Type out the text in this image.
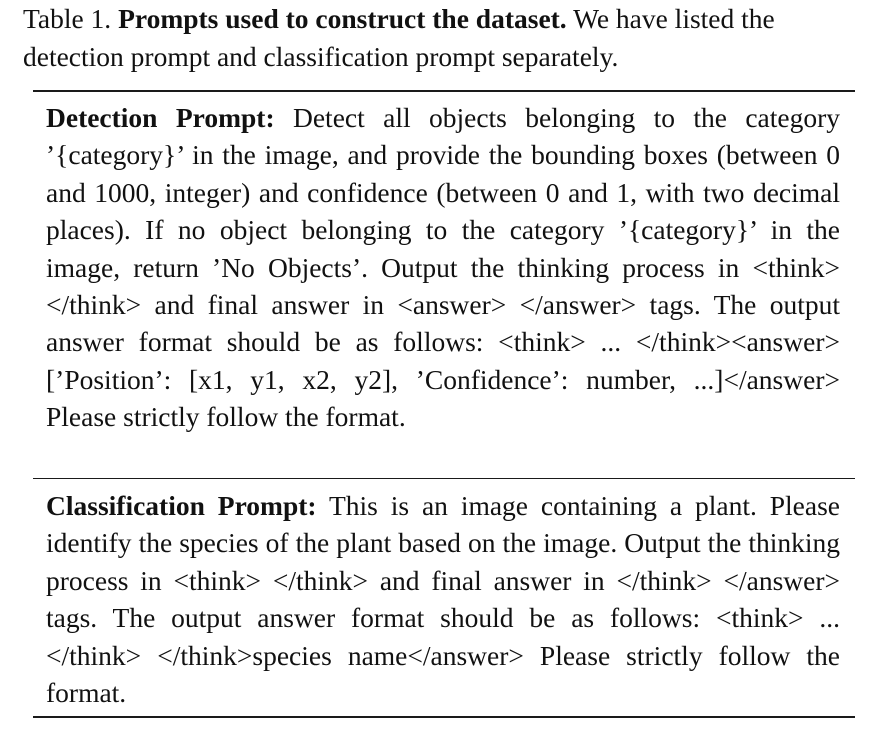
Table 1. Prompts used to construct the dataset. We have listed the detection prompt and classification prompt separately.
Detection Prompt: Detect all objects belonging to the category ’{category}’ in the image, and provide the bounding boxes (between 0 and 1000, integer) and confidence (between 0 and 1, with two decimal places). If no object belonging to the category ’{category}’ in the image, return ’No Objects’. Output the thinking process in <think> </think> and final answer in <answer> </answer> tags. The output answer format should be as follows: <think> ... </think><answer>[’Position’: [x1, y1, x2, y2], ’Confidence’: number, ...]</answer> Please strictly follow the format.
Classification Prompt: This is an image containing a plant. Please identify the species of the plant based on the image. Output the thinking process in <think> </think> and final answer in </think> </answer> tags. The output answer format should be as follows: <think> ... </think> </think>species name</answer> Please strictly follow the format.
